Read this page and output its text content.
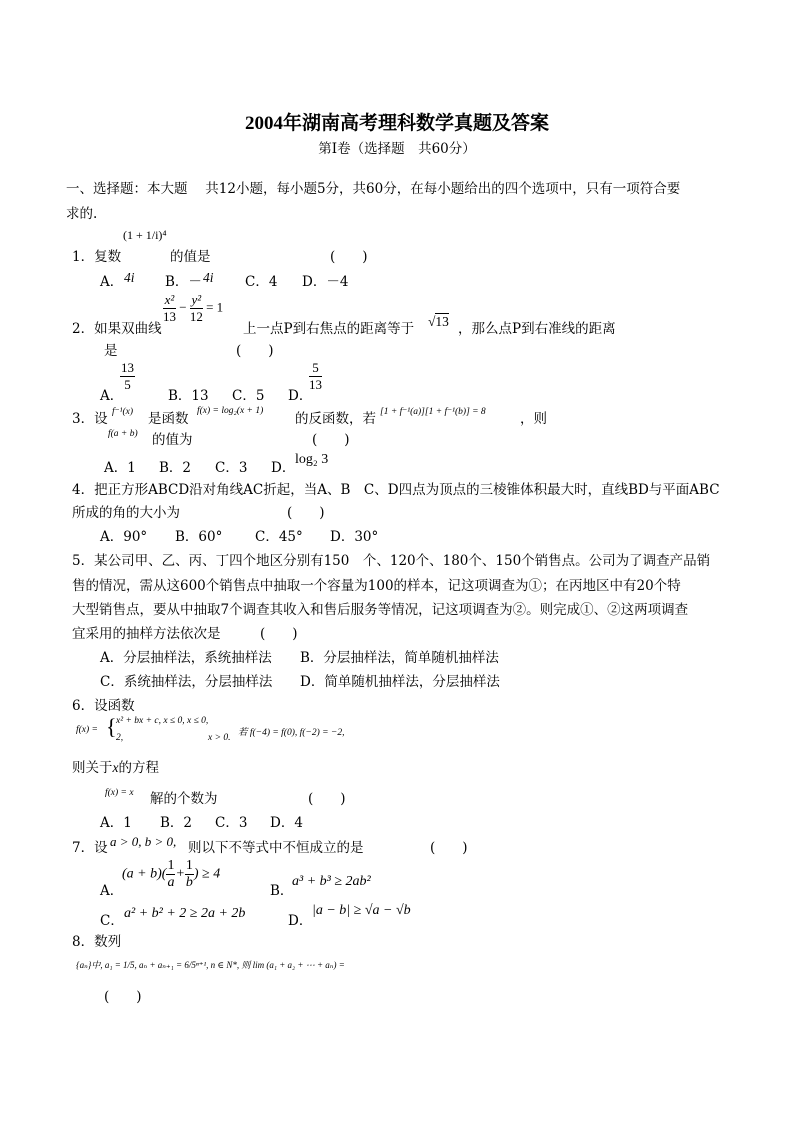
2004年湖南高考理科数学真题及答案
第Ⅰ卷（选择题　共60分）
一、选择题：本大题　 共12小题，每小题5分，共60分，在每小题给出的四个选项中，只有一项符合要
求的.
1．复数
(1 + 1/i)⁴
的值是	(　　)
A． 4i B．－ 4i C．4 D．－4
2．如果双曲线
$\frac{\text{x²}}{13} - \frac{\text{y²}}{12} = 1$
上一点P到右焦点的距离等于 √13 ，那么点P到右准线的距离
是	(　　)
A．
$\frac{13}{5}$
B．13 C．5 D．
$\frac{5}{13}$
3．设 f⁻¹(x) 是函数 f(x) = log₂(x + 1) 的反函数，若 [1 + f⁻¹(a)][1 + f⁻¹(b)] = 8	，则
f(a + b) 的值为	(　　)
A．1 B．2 C．3 D．
log₂ 3
4．把正方形ABCD沿对角线AC折起，当A、B　C、D四点为顶点的三棱锥体积最大时，直线BD与平面ABC
所成的角的大小为	(　　)
A．90° B．60° C．45° D．30°
5．某公司甲、乙、丙、丁四个地区分别有150　个、120个、180个、150个销售点。公司为了调查产品销
售的情况，需从这600个销售点中抽取一个容量为100的样本，记这项调查为①；在丙地区中有20个特
大型销售点，要从中抽取7个调查其收入和售后服务等情况，记这项调查为②。则完成①、②这两项调查
宜采用的抽样方法依次是	(　　)
A．分层抽样法，系统抽样法 B．分层抽样法，简单随机抽样法
C．系统抽样法，分层抽样法 D．简单随机抽样法，分层抽样法
6．设函数
f(x) = { x² + bx + c, x ≤ 0, x ≤ 0,
2,	x > 0. 若 f(−4) = f(0), f(−2) = −2,
则关于x的方程
f(x) = x 解的个数为	(　　)
A．1 B．2 C．3 D．4
7．设 a > 0, b > 0, 则以下不等式中不恒成立的是	(　　)
A．
$(a + b)( \frac{1}{a} + \frac{1}{b}$ ) ≥ 4
B．
a³ + b³ ≥ 2ab²
C． a² + b² + 2 ≥ 2a + 2b	D．
|a − b| ≥ √a − √b
8．数列
{aₙ}中, a₁ = 1/5, aₙ + aₙ₊₁ = 6/5ⁿ⁺¹, n ∈ N*, 则 lim (a₁ + a₂ + ⋯ + aₙ) =
(　　)
